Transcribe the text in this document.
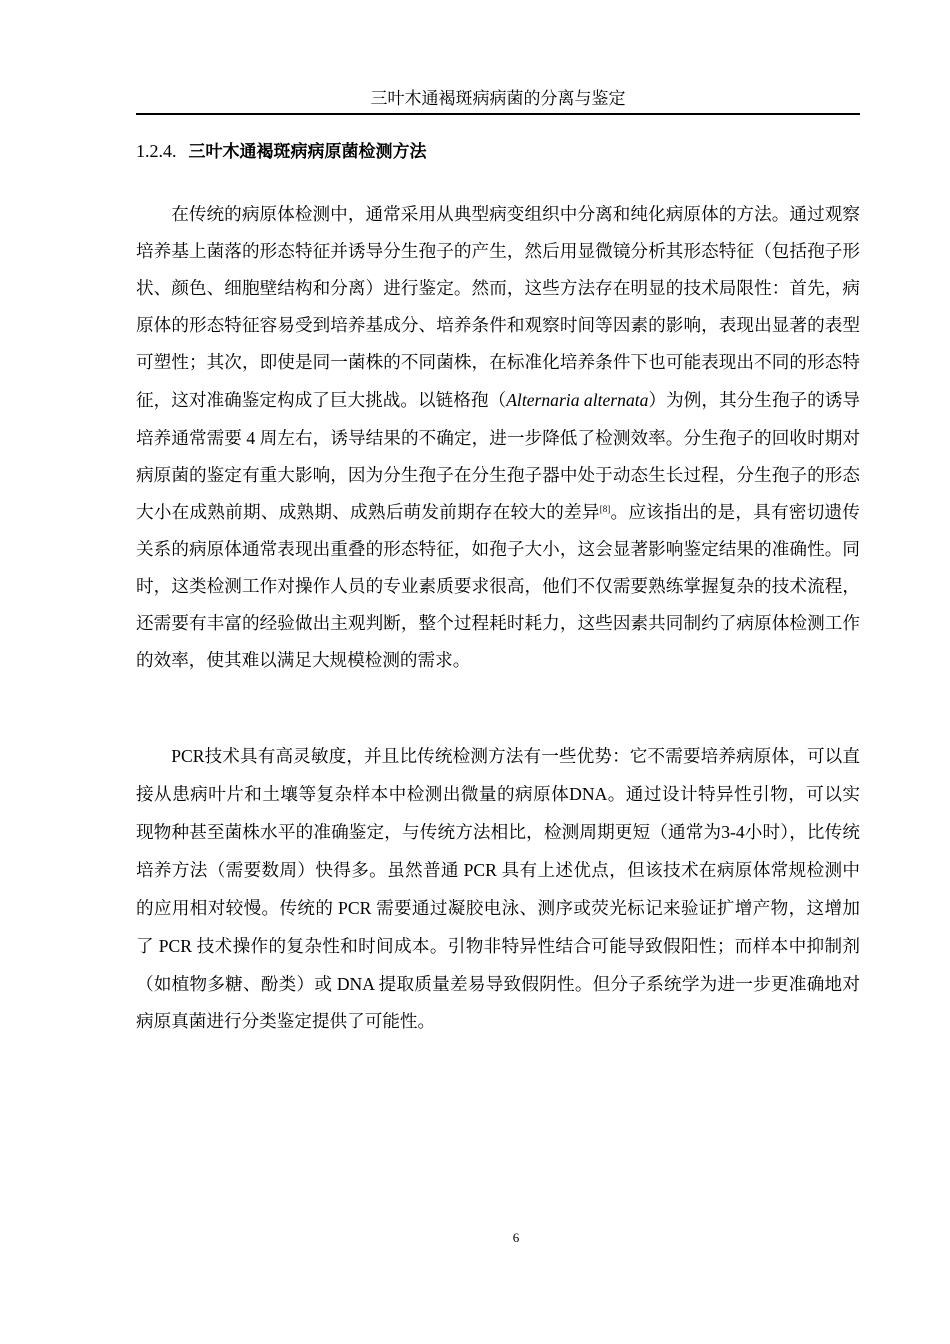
三叶木通褐斑病病菌的分离与鉴定
1.2.4. 三叶木通褐斑病病原菌检测方法

在传统的病原体检测中，通常采用从典型病变组织中分离和纯化病原体的方法。通过观察培养基上菌落的形态特征并诱导分生孢子的产生，然后用显微镜分析其形态特征（包括孢子形状、颜色、细胞壁结构和分离）进行鉴定。然而，这些方法存在明显的技术局限性：首先，病原体的形态特征容易受到培养基成分、培养条件和观察时间等因素的影响，表现出显著的表型可塑性；其次，即使是同一菌株的不同菌株，在标准化培养条件下也可能表现出不同的形态特征，这对准确鉴定构成了巨大挑战。以链格孢（Alternaria alternata）为例，其分生孢子的诱导培养通常需要 4 周左右，诱导结果的不确定，进一步降低了检测效率。分生孢子的回收时期对病原菌的鉴定有重大影响，因为分生孢子在分生孢子器中处于动态生长过程，分生孢子的形态大小在成熟前期、成熟期、成熟后萌发前期存在较大的差异[8]。应该指出的是，具有密切遗传关系的病原体通常表现出重叠的形态特征，如孢子大小，这会显著影响鉴定结果的准确性。同时，这类检测工作对操作人员的专业素质要求很高，他们不仅需要熟练掌握复杂的技术流程，还需要有丰富的经验做出主观判断，整个过程耗时耗力，这些因素共同制约了病原体检测工作的效率，使其难以满足大规模检测的需求。

PCR技术具有高灵敏度，并且比传统检测方法有一些优势：它不需要培养病原体，可以直接从患病叶片和土壤等复杂样本中检测出微量的病原体DNA。通过设计特异性引物，可以实现物种甚至菌株水平的准确鉴定，与传统方法相比，检测周期更短（通常为3-4小时），比传统培养方法（需要数周）快得多。虽然普通 PCR 具有上述优点，但该技术在病原体常规检测中的应用相对较慢。传统的 PCR 需要通过凝胶电泳、测序或荧光标记来验证扩增产物，这增加了 PCR 技术操作的复杂性和时间成本。引物非特异性结合可能导致假阳性；而样本中抑制剂（如植物多糖、酚类）或 DNA 提取质量差易导致假阴性。但分子系统学为进一步更准确地对病原真菌进行分类鉴定提供了可能性。

6
